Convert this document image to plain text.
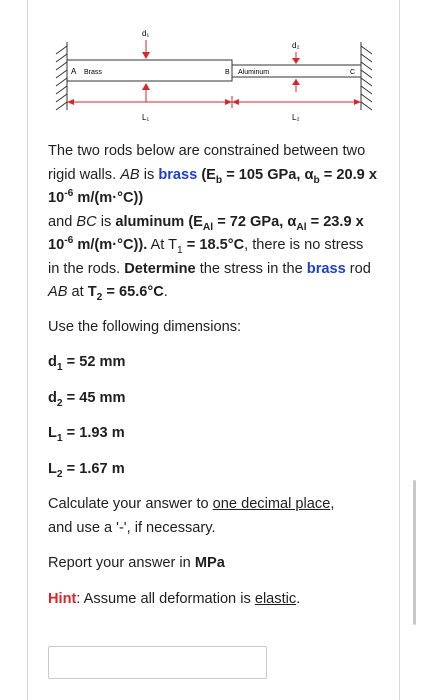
A Brass	B Aluminum	C
d₁
d₂
L₁	L₂

The two rods below are constrained between two rigid walls. AB is brass ($E_b = 105$ GPa, $\alpha_b = 20.9$ x $10^{-6}$ m/(m·°C))
and BC is aluminum ($E_{Al} = 72$ GPa, $\alpha_{Al} = 23.9$ x $10^{-6}$ m/(m·°C)). At $T_1 = 18.5^\circ C$, there is no stress in the rods. Determine the stress in the brass rod AB at $T_2 = 65.6^\circ C$.

Use the following dimensions:

$d_1 = 52$ mm

$d_2 = 45$ mm

$L_1 = 1.93$ m

$L_2 = 1.67$ m

Calculate your answer to one decimal place,
and use a '-', if necessary.

Report your answer in MPa

Hint: Assume all deformation is elastic.
